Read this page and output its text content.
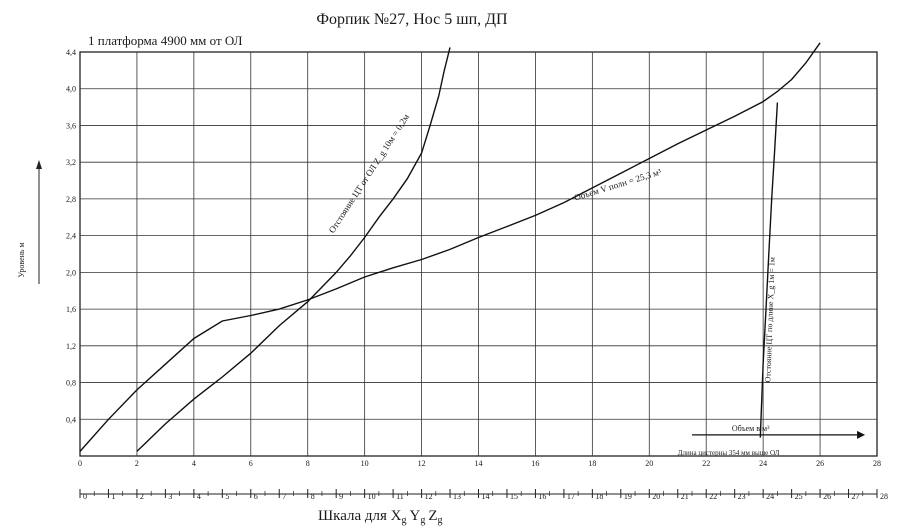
Форпик №27, Нос 5 шп, ДП
1 платформа 4900 мм от ОЛ
0,4
0,8
1,2
1,6
2,0
2,4
2,8
3,2
3,6
4,0
4,4
0	2	4	6	8	10	12	14	16	18	20	22	24	26	28
0	1	2	3	4	5	6	7	8	9	10	11	12	13	14	15	16	17	18	19	20	21	22	23	24	25	26	27	28
Объем V полн = 25,3 м³
Отстояние ЦТ от ОЛ Z_g 10м = 0,2м
Отстояние ЦТ по длине X_g 1м = 1м
Объем в м³
Длина цистерны 354 мм выше ОЛ
Уровень м
Шкала для $X_g$ $Y_g$ $Z_g$
